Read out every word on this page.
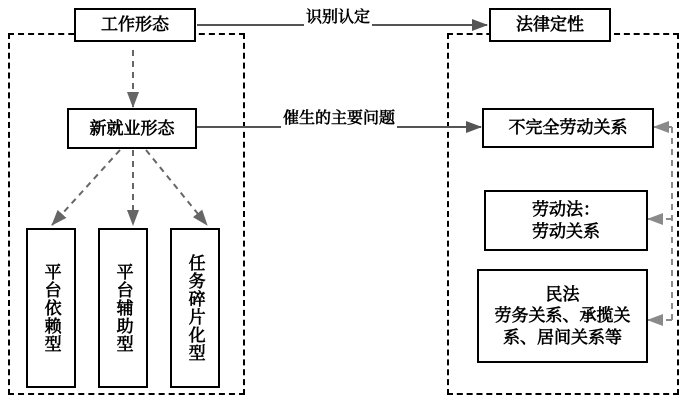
工作形态	法律定性
新就业形态	不完全劳动关系
平台依赖型	平台辅助型	任务碎片化型
劳动法：
劳动关系
民法
劳务关系、承揽关
系、居间关系等
识别认定
催生的主要问题
